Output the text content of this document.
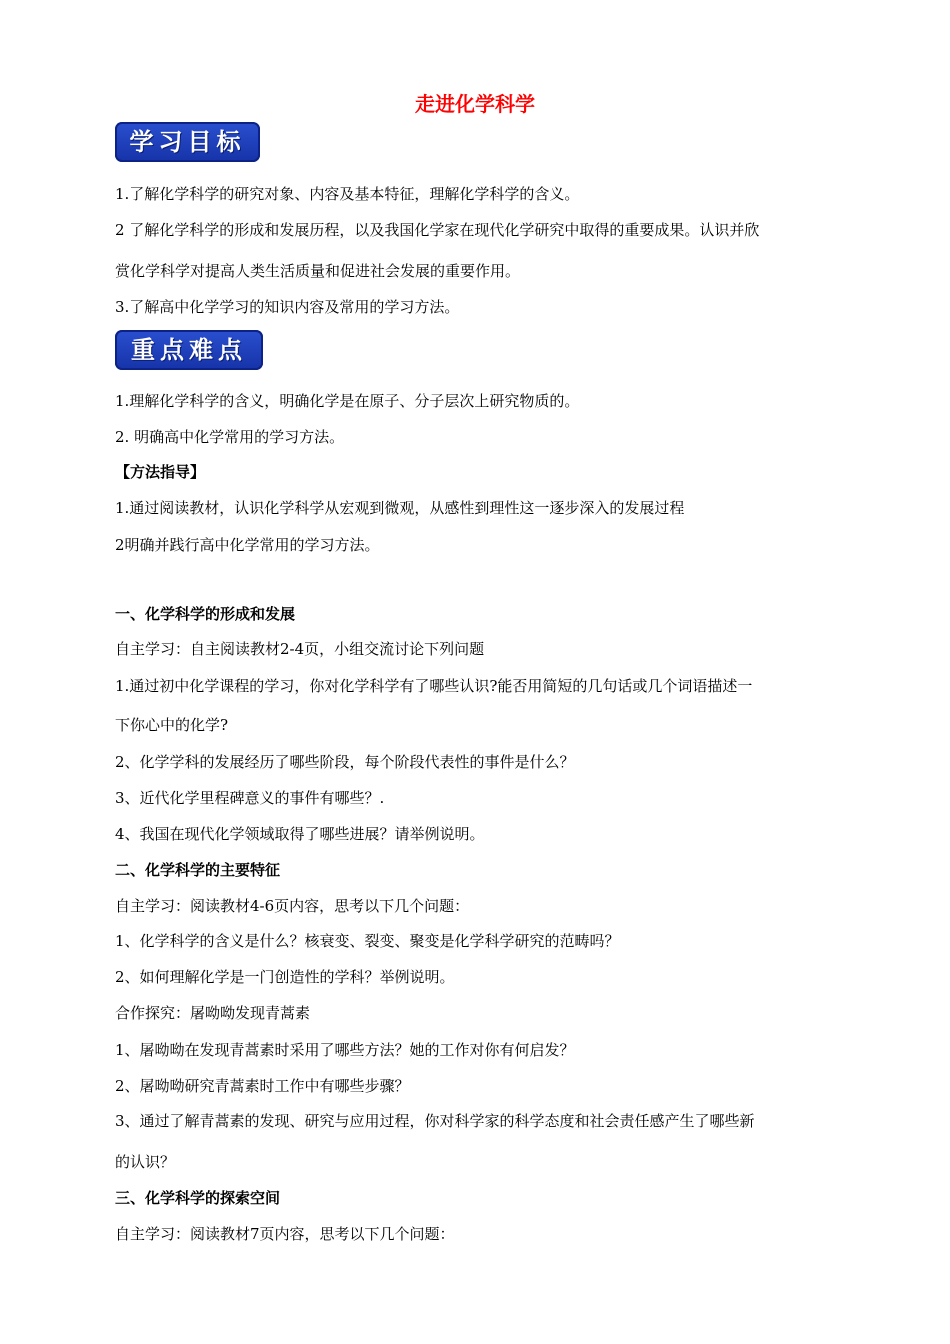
走进化学科学
学习目标
1.了解化学科学的研究对象、内容及基本特征，理解化学科学的含义。
2 了解化学科学的形成和发展历程，以及我国化学家在现代化学研究中取得的重要成果。认识并欣
赏化学科学对提高人类生活质量和促进社会发展的重要作用。
3.了解高中化学学习的知识内容及常用的学习方法。
重点难点
1.理解化学科学的含义，明确化学是在原子、分子层次上研究物质的。
2. 明确高中化学常用的学习方法。
【方法指导】
1.通过阅读教材，认识化学科学从宏观到微观，从感性到理性这一逐步深入的发展过程
2明确并践行高中化学常用的学习方法。
一、化学科学的形成和发展
自主学习：自主阅读教材2-4页，小组交流讨论下列问题
1.通过初中化学课程的学习，你对化学科学有了哪些认识?能否用简短的几句话或几个词语描述一
下你心中的化学?
2、化学学科的发展经历了哪些阶段，每个阶段代表性的事件是什么？
3、近代化学里程碑意义的事件有哪些？.
4、我国在现代化学领域取得了哪些进展？请举例说明。
二、化学科学的主要特征
自主学习：阅读教材4-6页内容，思考以下几个问题：
1、化学科学的含义是什么？核衰变、裂变、聚变是化学科学研究的范畴吗？
2、如何理解化学是一门创造性的学科？举例说明。
合作探究：屠呦呦发现青蒿素
1、屠呦呦在发现青蒿素时采用了哪些方法？她的工作对你有何启发？
2、屠呦呦研究青蒿素时工作中有哪些步骤？
3、通过了解青蒿素的发现、研究与应用过程，你对科学家的科学态度和社会责任感产生了哪些新
的认识？
三、化学科学的探索空间
自主学习：阅读教材7页内容，思考以下几个问题：
